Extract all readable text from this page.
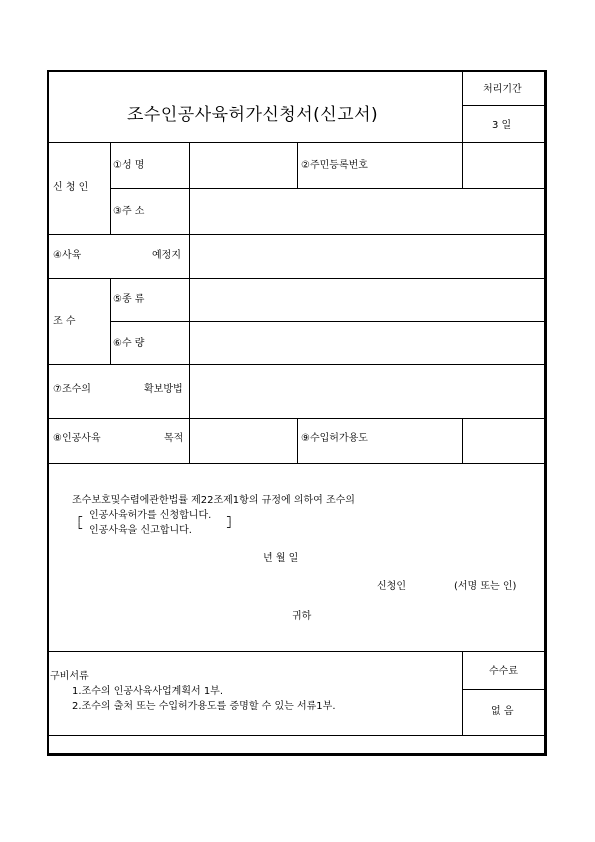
조수인공사육허가신청서(신고서)
처리기간
3 일
신 청 인
①성 명	②주민등록번호
③주 소
④사육	예정지
조 수
⑤종 류
⑥수 량
⑦조수의	확보방법
⑧인공사육	목적	⑨수입허가용도
조수보호및수렵에관한법률 제22조제1항의 규정에 의하여 조수의
┌ 인공사육허가를 신청합니다. ┐
└ 인공사육을 신고합니다.	┘
년 월 일
신청인	(서명 또는 인)
귀하
구비서류
1.조수의 인공사육사업계획서 1부.
2.조수의 출처 또는 수입허가용도를 증명할 수 있는 서류1부.
수수료
없 음
